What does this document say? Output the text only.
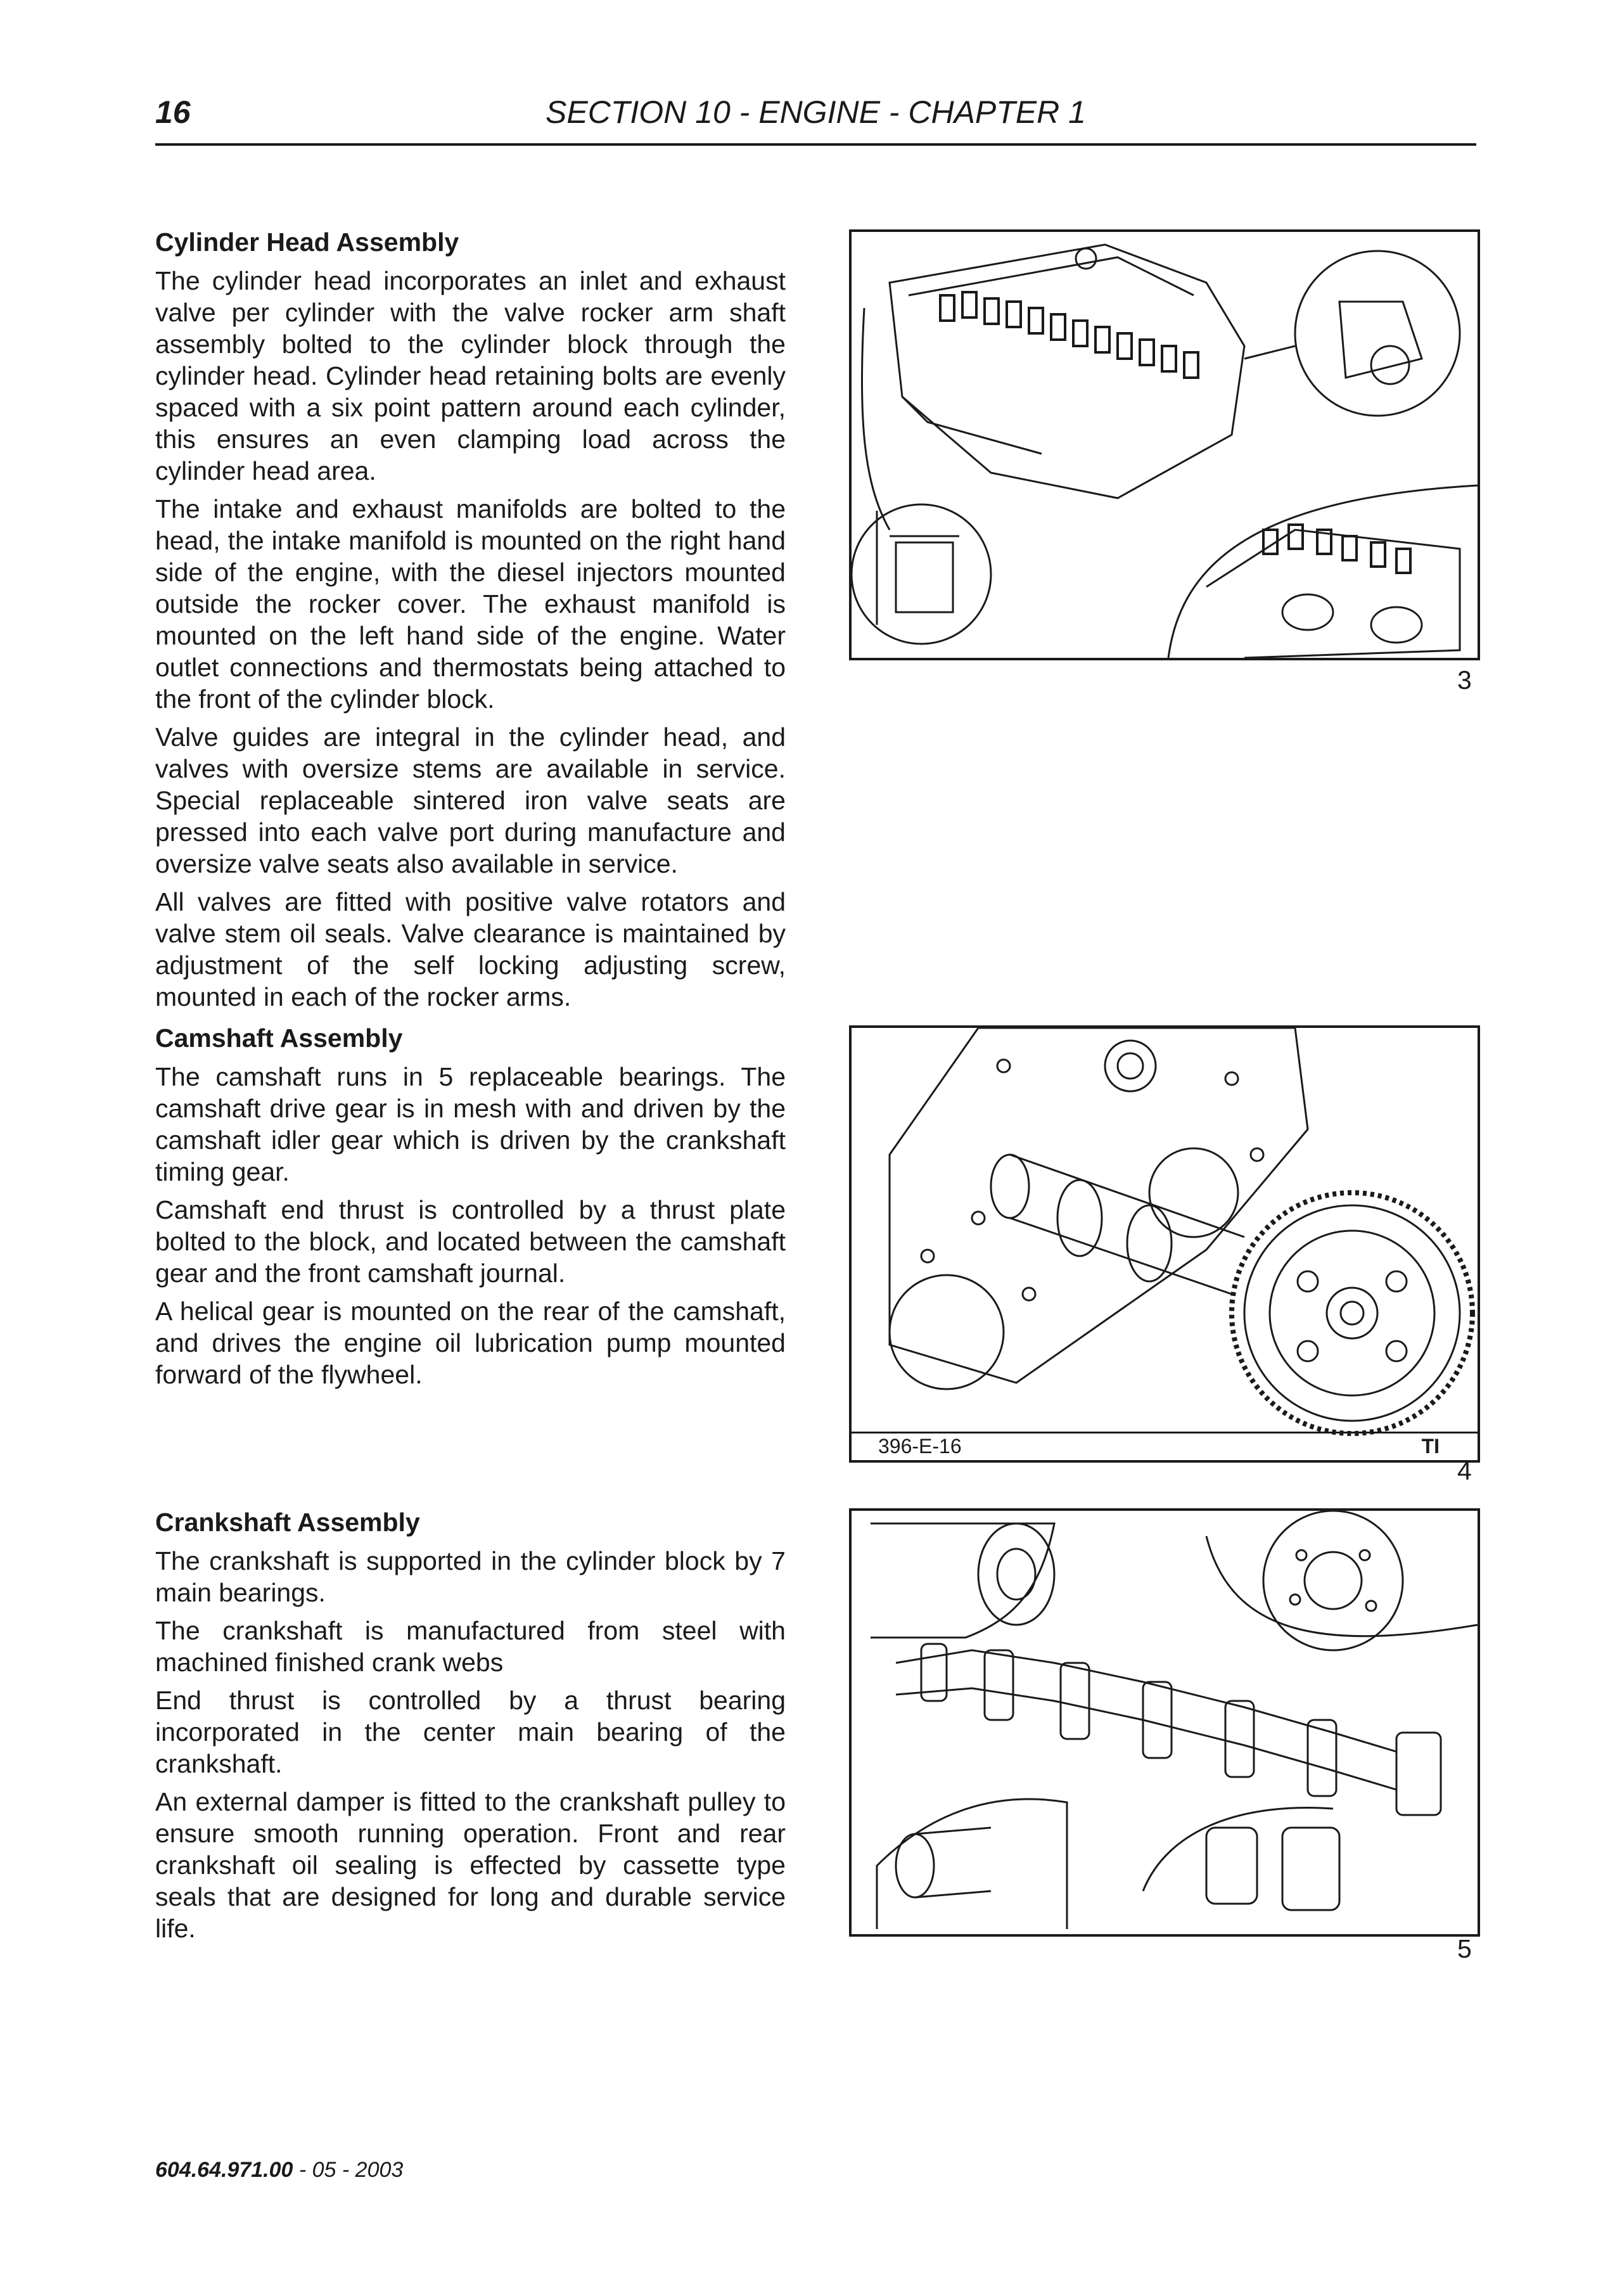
16	SECTION 10 - ENGINE - CHAPTER 1
Cylinder Head Assembly

The cylinder head incorporates an inlet and exhaust valve per cylinder with the valve rocker arm shaft assembly bolted to the cylinder block through the cylinder head. Cylinder head retaining bolts are evenly spaced with a six point pattern around each cylinder, this ensures an even clamping load across the cylinder head area.

The intake and exhaust manifolds are bolted to the head, the intake manifold is mounted on the right hand side of the engine, with the diesel injectors mounted outside the rocker cover. The exhaust manifold is mounted on the left hand side of the engine. Water outlet connections and thermostats being attached to the front of the cylinder block.

Valve guides are integral in the cylinder head, and valves with oversize stems are available in service. Special replaceable sintered iron valve seats are pressed into each valve port during manufacture and oversize valve seats also available in service.

All valves are fitted with positive valve rotators and valve stem oil seals. Valve clearance is maintained by adjustment of the self locking adjusting screw, mounted in each of the rocker arms.

Camshaft Assembly

The camshaft runs in 5 replaceable bearings. The camshaft drive gear is in mesh with and driven by the camshaft idler gear which is driven by the crankshaft timing gear.

Camshaft end thrust is controlled by a thrust plate bolted to the block, and located between the camshaft gear and the front camshaft journal.

A helical gear is mounted on the rear of the camshaft, and drives the engine oil lubrication pump mounted forward of the flywheel.

Crankshaft Assembly

The crankshaft is supported in the cylinder block by 7 main bearings.

The crankshaft is manufactured from steel with machined finished crank webs

End thrust is controlled by a thrust bearing incorporated in the center main bearing of the crankshaft.

An external damper is fitted to the crankshaft pulley to ensure smooth running operation. Front and rear crankshaft oil sealing is effected by cassette type seals that are designed for long and durable service life.

3
396-E-16	TI
4
5
604.64.971.00 - 05 - 2003
